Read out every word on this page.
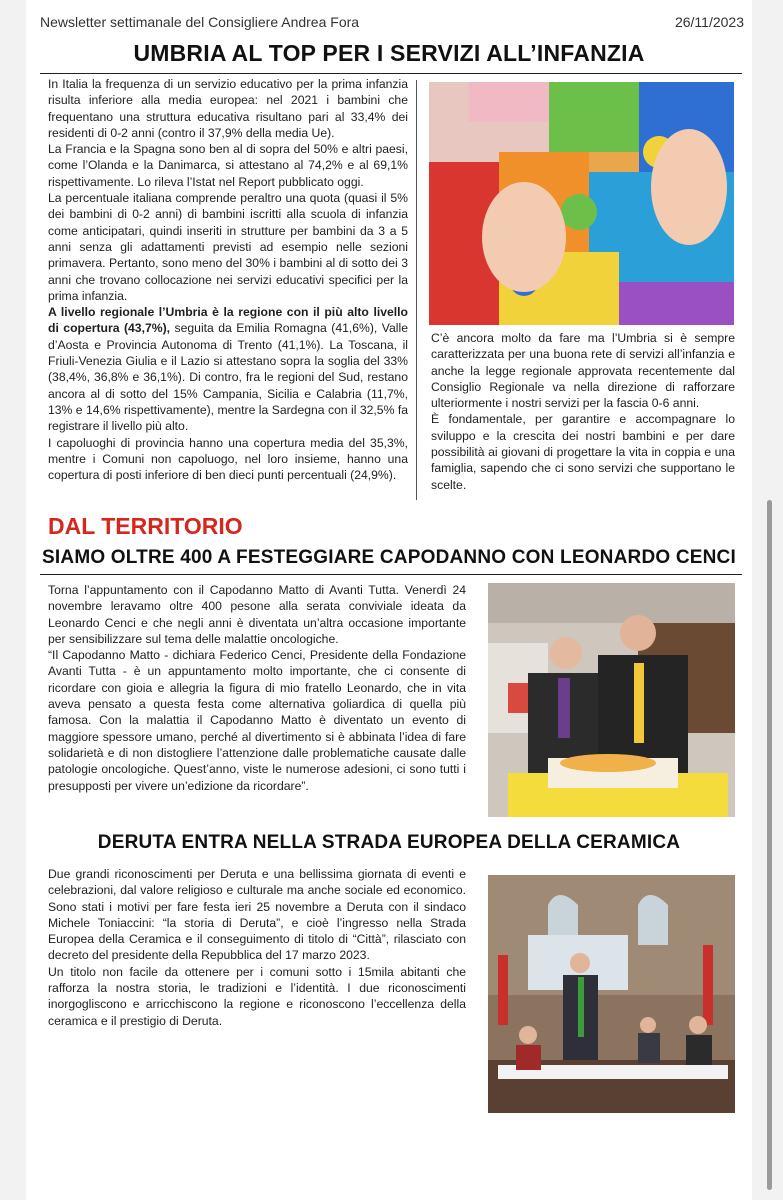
Newsletter settimanale del Consigliere Andrea Fora	26/11/2023
UMBRIA AL TOP PER I SERVIZI ALL’INFANZIA

In Italia la frequenza di un servizio educativo per la prima infanzia risulta inferiore alla media europea: nel 2021 i bambini che frequentano una struttura educativa risultano pari al 33,4% dei residenti di 0-2 anni (contro il 37,9% della media Ue).

La Francia e la Spagna sono ben al di sopra del 50% e altri paesi, come l’Olanda e la Danimarca, si attestano al 74,2% e al 69,1% rispettivamente. Lo rileva l’Istat nel Report pubblicato oggi.

La percentuale italiana comprende peraltro una quota (quasi il 5% dei bambini di 0-2 anni) di bambini iscritti alla scuola di infanzia come anticipatari, quindi inseriti in strutture per bambini da 3 a 5 anni senza gli adattamenti previsti ad esempio nelle sezioni primavera. Pertanto, sono meno del 30% i bambini al di sotto dei 3 anni che trovano collocazione nei servizi educativi specifici per la prima infanzia.

A livello regionale l’Umbria è la regione con il più alto livello di copertura (43,7%), seguita da Emilia Romagna (41,6%), Valle d’Aosta e Provincia Autonoma di Trento (41,1%). La Toscana, il Friuli-Venezia Giulia e il Lazio si attestano sopra la soglia del 33% (38,4%, 36,8% e 36,1%). Di contro, fra le regioni del Sud, restano ancora al di sotto del 15% Campania, Sicilia e Calabria (11,7%, 13% e 14,6% rispettivamente), mentre la Sardegna con il 32,5% fa registrare il livello più alto.

I capoluoghi di provincia hanno una copertura media del 35,3%, mentre i Comuni non capoluogo, nel loro insieme, hanno una copertura di posti inferiore di ben dieci punti percentuali (24,9%).

C’è ancora molto da fare ma l’Umbria si è sempre caratterizzata per una buona rete di servizi all’infanzia e anche la legge regionale approvata recentemente dal Consiglio Regionale va nella direzione di rafforzare ulteriormente i nostri servizi per la fascia 0-6 anni.

È fondamentale, per garantire e accompagnare lo sviluppo e la crescita dei nostri bambini e per dare possibilità ai giovani di progettare la vita in coppia e una famiglia, sapendo che ci sono servizi che supportano le scelte.

DAL TERRITORIO
SIAMO OLTRE 400 A FESTEGGIARE CAPODANNO CON LEONARDO CENCI

Torna l’appuntamento con il Capodanno Matto di Avanti Tutta. Venerdì 24 novembre leravamo oltre 400 pesone alla serata conviviale ideata da Leonardo Cenci e che negli anni è diventata un’altra occasione importante per sensibilizzare sul tema delle malattie oncologiche.

“Il Capodanno Matto - dichiara Federico Cenci, Presidente della Fondazione Avanti Tutta - è un appuntamento molto importante, che ci consente di ricordare con gioia e allegria la figura di mio fratello Leonardo, che in vita aveva pensato a questa festa come alternativa goliardica di quella più famosa. Con la malattia il Capodanno Matto è diventato un evento di maggiore spessore umano, perché al divertimento si è abbinata l’idea di fare solidarietà e di non distogliere l’attenzione dalle problematiche causate dalle patologie oncologiche. Quest’anno, viste le numerose adesioni, ci sono tutti i presupposti per vivere un’edizione da ricordare”.

DERUTA ENTRA NELLA STRADA EUROPEA DELLA CERAMICA

Due grandi riconoscimenti per Deruta e una bellissima giornata di eventi e celebrazioni, dal valore religioso e culturale ma anche sociale ed economico. Sono stati i motivi per fare festa ieri 25 novembre a Deruta con il sindaco Michele Toniaccini: “la storia di Deruta”, e cioè l’ingresso nella Strada Europea della Ceramica e il conseguimento di titolo di “Città”, rilasciato con decreto del presidente della Repubblica del 17 marzo 2023.

Un titolo non facile da ottenere per i comuni sotto i 15mila abitanti che rafforza la nostra storia, le tradizioni e l’identità. I due riconoscimenti inorgogliscono e arricchiscono la regione e riconoscono l’eccellenza della ceramica e il prestigio di Deruta.
